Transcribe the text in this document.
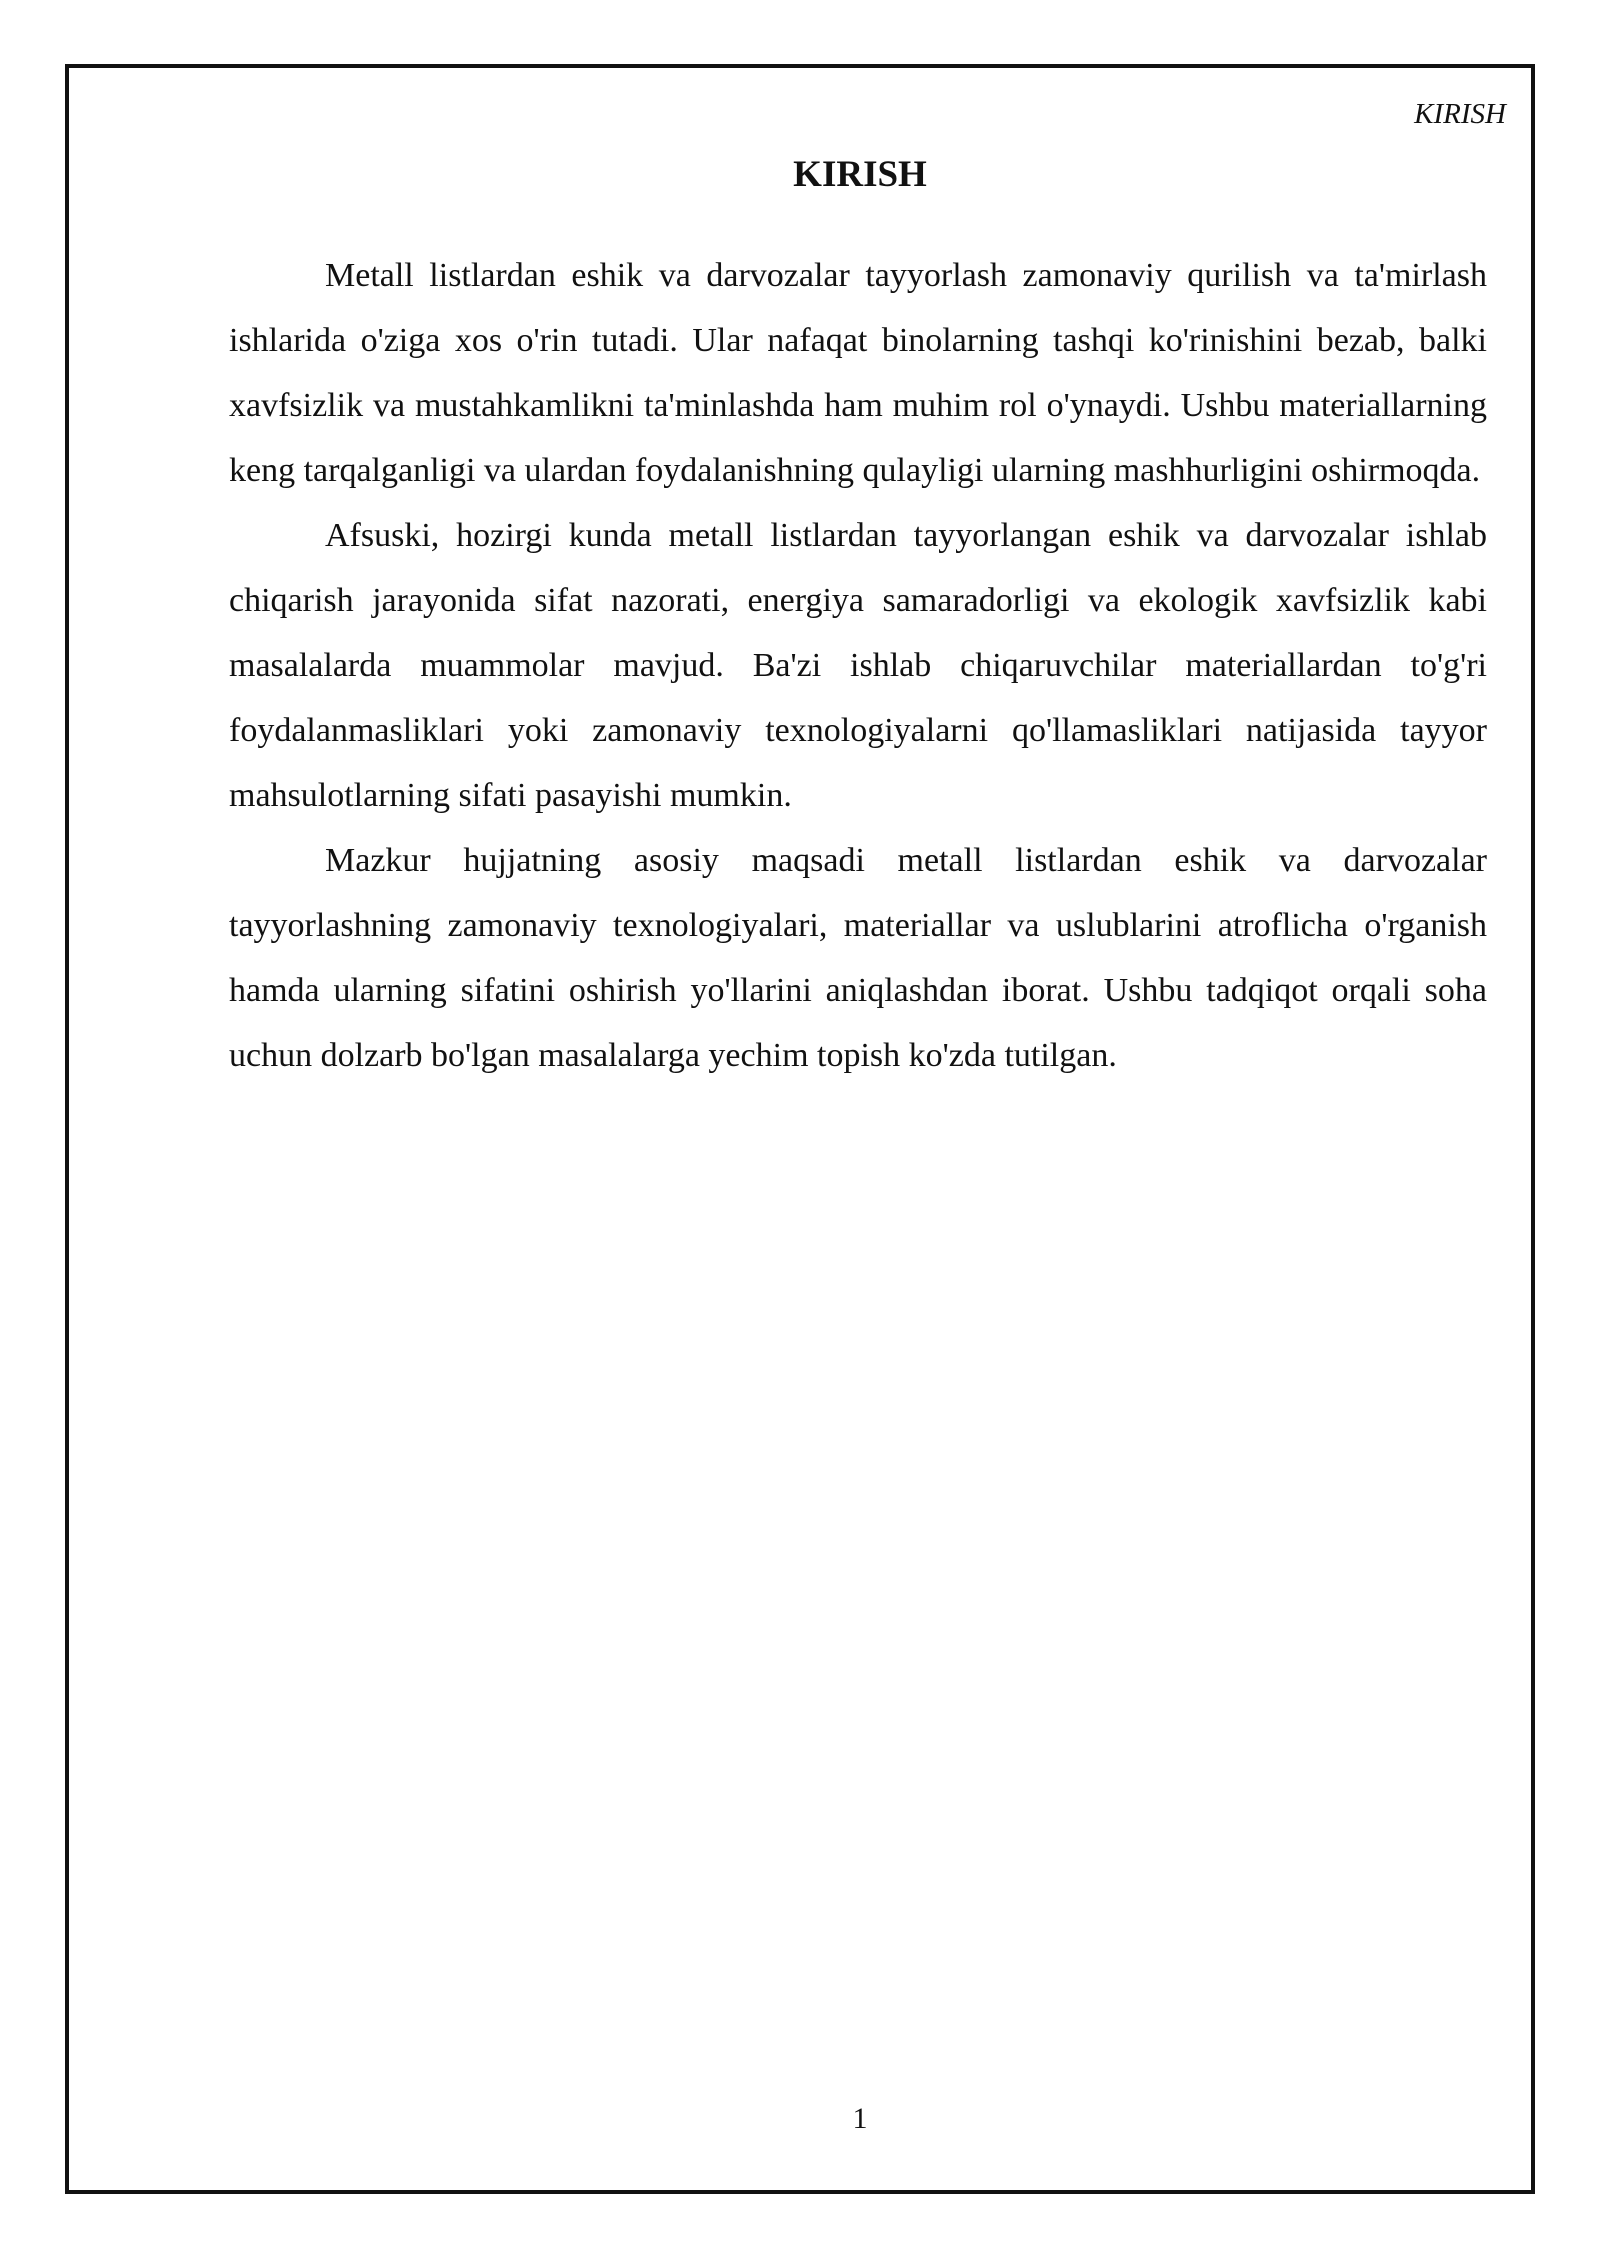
KIRISH
KIRISH

Metall listlardan eshik va darvozalar tayyorlash zamonaviy qurilish va ta'mirlash ishlarida o'ziga xos o'rin tutadi. Ular nafaqat binolarning tashqi ko'rinishini bezab, balki xavfsizlik va mustahkamlikni ta'minlashda ham muhim rol o'ynaydi. Ushbu materiallarning keng tarqalganligi va ulardan foydalanishning qulayligi ularning mashhurligini oshirmoqda.

Afsuski, hozirgi kunda metall listlardan tayyorlangan eshik va darvozalar ishlab chiqarish jarayonida sifat nazorati, energiya samaradorligi va ekologik xavfsizlik kabi masalalarda muammolar mavjud. Ba'zi ishlab chiqaruvchilar materiallardan to'g'ri foydalanmasliklari yoki zamonaviy texnologiyalarni qo'llamasliklari natijasida tayyor mahsulotlarning sifati pasayishi mumkin.

Mazkur hujjatning asosiy maqsadi metall listlardan eshik va darvozalar tayyorlashning zamonaviy texnologiyalari, materiallar va uslublarini atroflicha o'rganish hamda ularning sifatini oshirish yo'llarini aniqlashdan iborat. Ushbu tadqiqot orqali soha uchun dolzarb bo'lgan masalalarga yechim topish ko'zda tutilgan.

1
